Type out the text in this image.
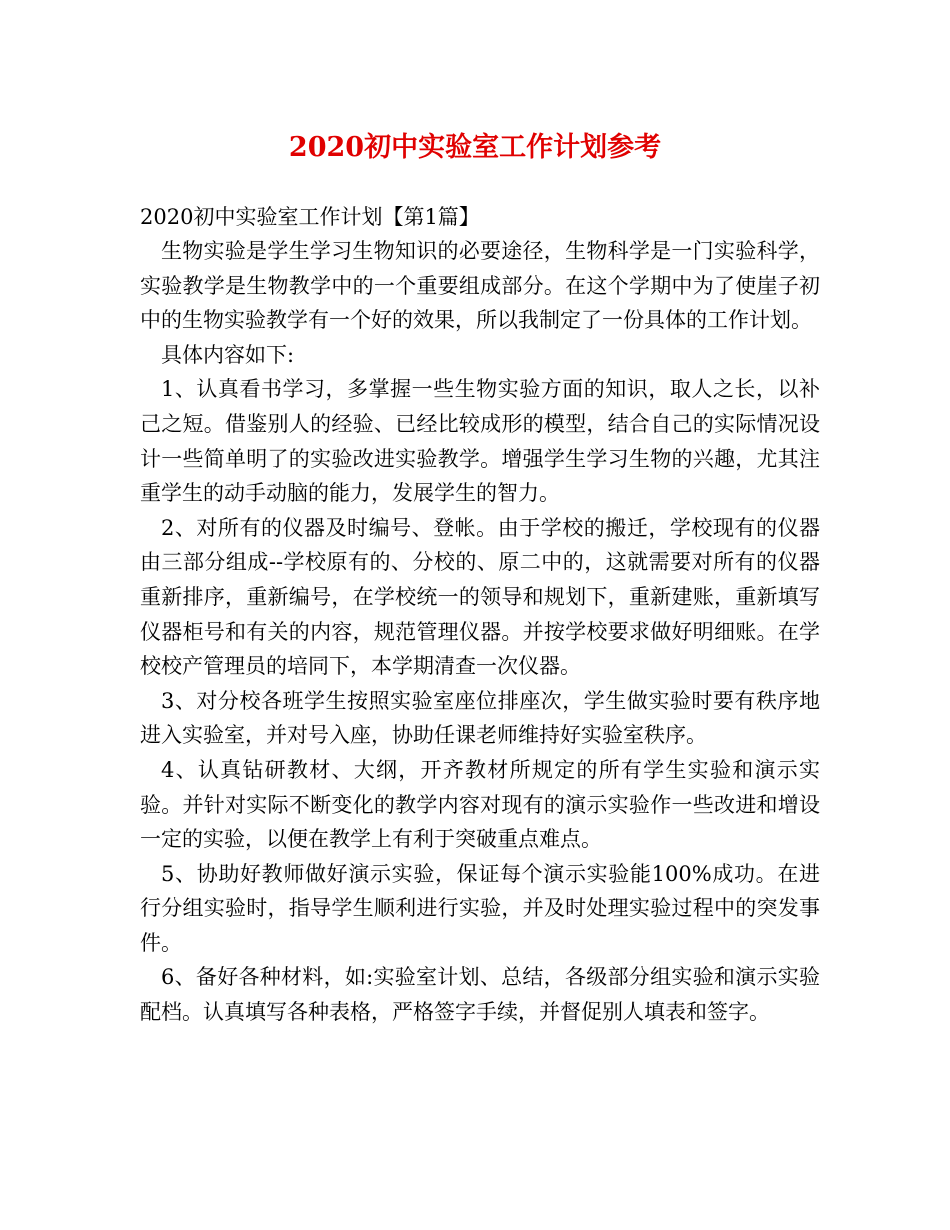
2020初中实验室工作计划参考

2020初中实验室工作计划【第1篇】

生物实验是学生学习生物知识的必要途径，生物科学是一门实验科学，实验教学是生物教学中的一个重要组成部分。在这个学期中为了使崖子初中的生物实验教学有一个好的效果，所以我制定了一份具体的工作计划。

具体内容如下:

1、认真看书学习，多掌握一些生物实验方面的知识，取人之长，以补己之短。借鉴别人的经验、已经比较成形的模型，结合自己的实际情况设计一些简单明了的实验改进实验教学。增强学生学习生物的兴趣，尤其注重学生的动手动脑的能力，发展学生的智力。

2、对所有的仪器及时编号、登帐。由于学校的搬迁，学校现有的仪器由三部分组成--学校原有的、分校的、原二中的，这就需要对所有的仪器重新排序，重新编号，在学校统一的领导和规划下，重新建账，重新填写仪器柜号和有关的内容，规范管理仪器。并按学校要求做好明细账。在学校校产管理员的培同下，本学期清查一次仪器。

3、对分校各班学生按照实验室座位排座次，学生做实验时要有秩序地进入实验室，并对号入座，协助任课老师维持好实验室秩序。

4、认真钻研教材、大纲，开齐教材所规定的所有学生实验和演示实验。并针对实际不断变化的教学内容对现有的演示实验作一些改进和增设一定的实验，以便在教学上有利于突破重点难点。

5、协助好教师做好演示实验，保证每个演示实验能100%成功。在进行分组实验时，指导学生顺利进行实验，并及时处理实验过程中的突发事件。

6、备好各种材料，如:实验室计划、总结，各级部分组实验和演示实验配档。认真填写各种表格，严格签字手续，并督促别人填表和签字。
